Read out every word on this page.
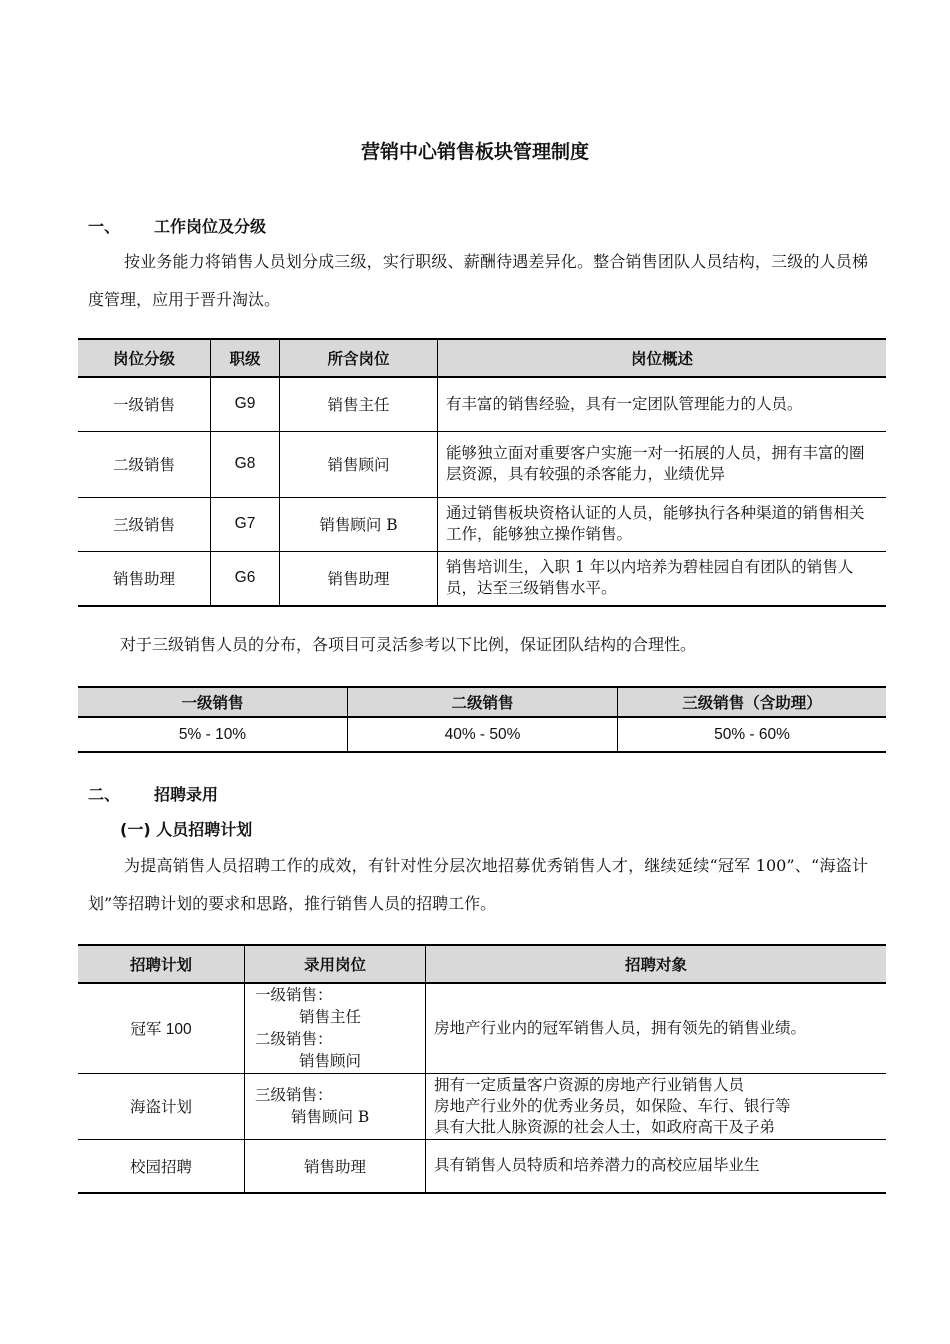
营销中心销售板块管理制度
一、 工作岗位及分级
按业务能力将销售人员划分成三级，实行职级、薪酬待遇差异化。整合销售团队人员结构，三级的人员梯度管理，应用于晋升淘汰。
岗位分级	职级	所含岗位	岗位概述
一级销售	G9	销售主任	有丰富的销售经验，具有一定团队管理能力的人员。
二级销售	G8	销售顾问	能够独立面对重要客户实施一对一拓展的人员，拥有丰富的圈层资源，具有较强的杀客能力，业绩优异
三级销售	G7	销售顾问 B	通过销售板块资格认证的人员，能够执行各种渠道的销售相关工作，能够独立操作销售。
销售助理	G6	销售助理	销售培训生，入职 1 年以内培养为碧桂园自有团队的销售人员，达至三级销售水平。
对于三级销售人员的分布，各项目可灵活参考以下比例，保证团队结构的合理性。
一级销售	二级销售	三级销售（含助理）
5% - 10%	40% - 50%	50% - 60%
二、 招聘录用
(一) 人员招聘计划
为提高销售人员招聘工作的成效，有针对性分层次地招募优秀销售人才，继续延续“冠军 100”、“海盗计划”等招聘计划的要求和思路，推行销售人员的招聘工作。
招聘计划	录用岗位	招聘对象
冠军 100	一级销售：
销售主任
二级销售：
销售顾问	房地产行业内的冠军销售人员，拥有领先的销售业绩。
海盗计划	三级销售：
销售顾问 B	拥有一定质量客户资源的房地产行业销售人员
房地产行业外的优秀业务员，如保险、车行、银行等
具有大批人脉资源的社会人士，如政府高干及子弟

校园招聘	销售助理	具有销售人员特质和培养潜力的高校应届毕业生
